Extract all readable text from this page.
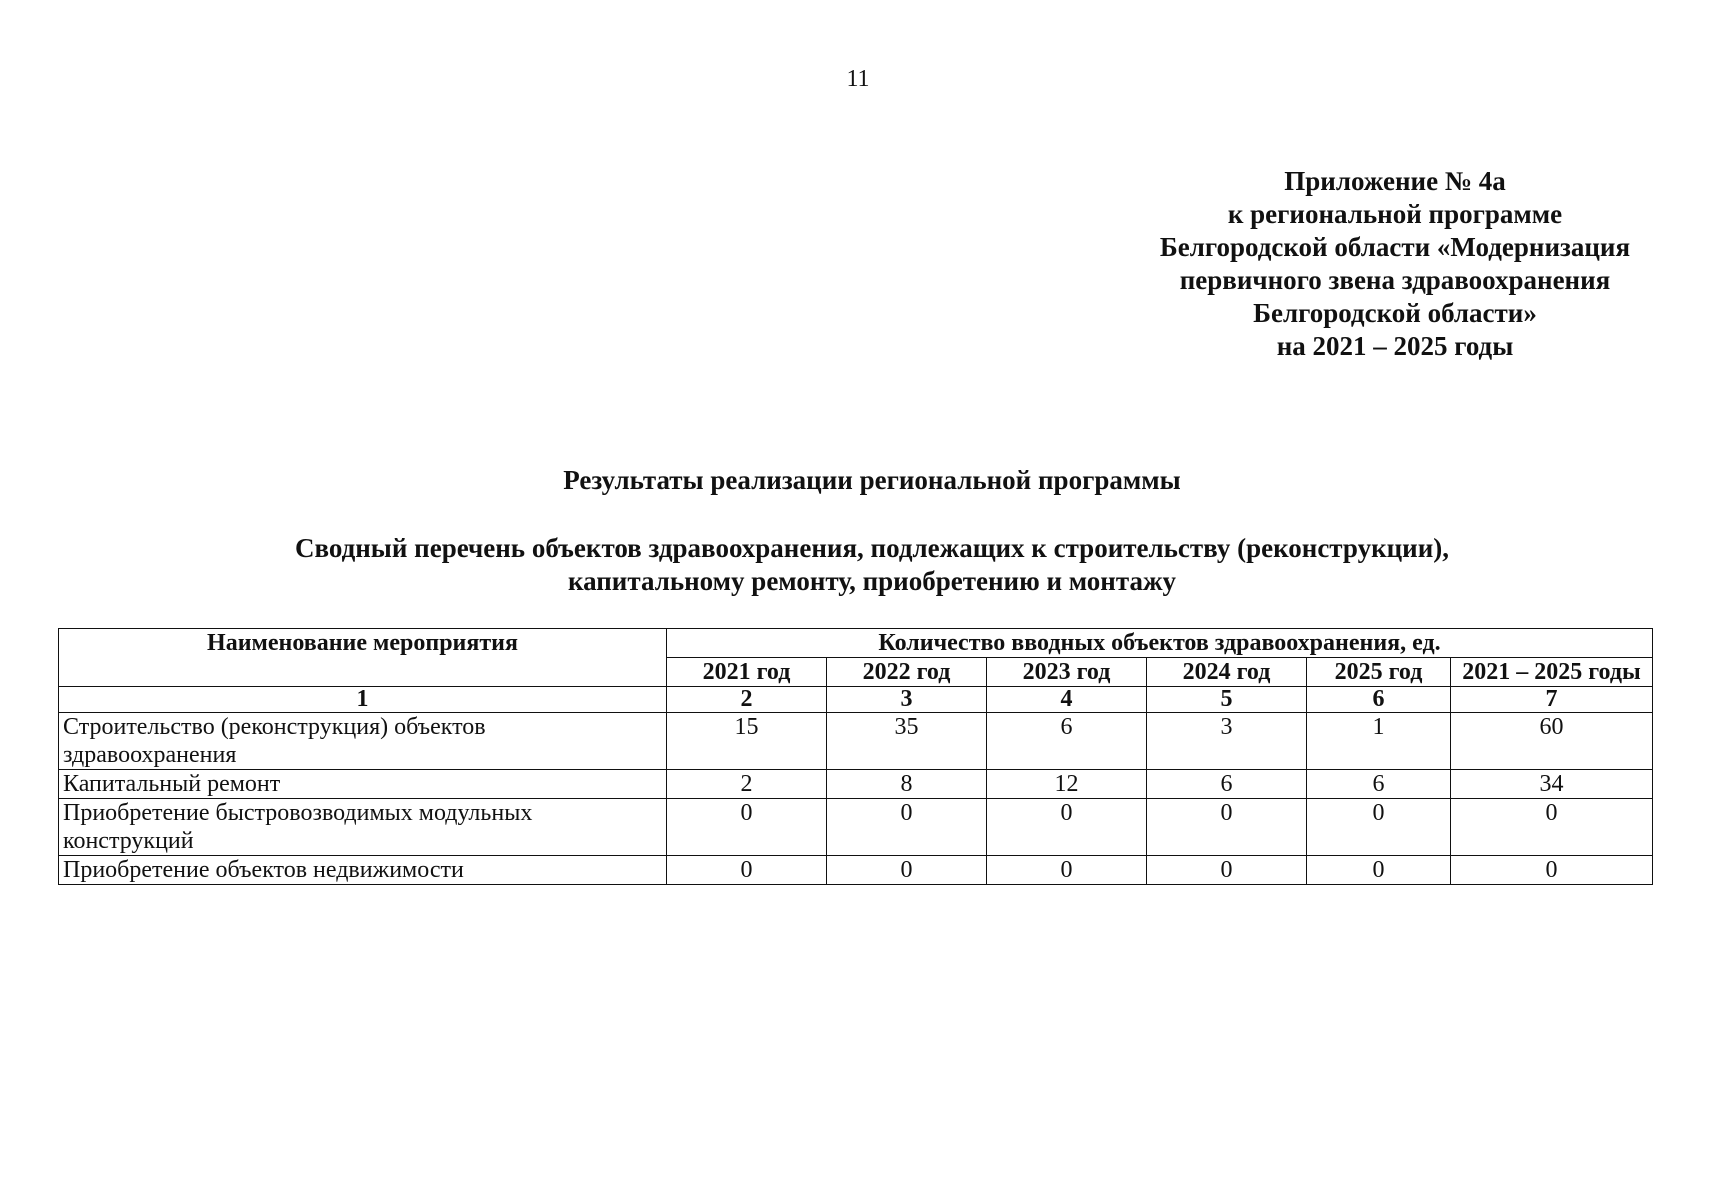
11
Приложение № 4а
к региональной программе
Белгородской области «Модернизация
первичного звена здравоохранения
Белгородской области»
на 2021 – 2025 годы
Результаты реализации региональной программы
Сводный перечень объектов здравоохранения, подлежащих к строительству (реконструкции),
капитальному ремонту, приобретению и монтажу
Наименование мероприятия	Количество вводных объектов здравоохранения, ед.					
	2021 год	2022 год	2023 год	2024 год	2025 год	2021 – 2025 годы
1	2	3	4	5	6	7

Строительство (реконструкция) объектов
здравоохранения	15	35	6	3	1	60

Капитальный ремонт	2	8	12	6	6	34

Приобретение быстровозводимых модульных
конструкций	0	0	0	0	0	0

Приобретение объектов недвижимости	0	0	0	0	0	0
